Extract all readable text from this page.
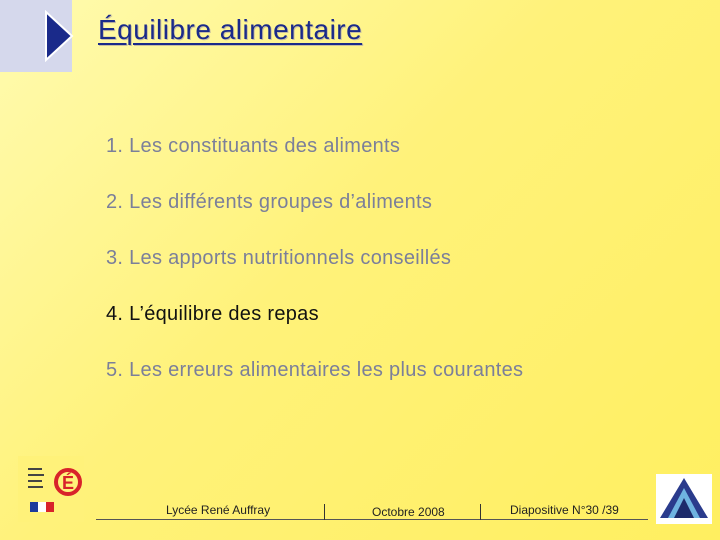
Équilibre alimentaire
1. Les constituants des aliments
2. Les différents groupes d’aliments
3. Les apports nutritionnels conseillés
4. L’équilibre des repas
5. Les erreurs alimentaires les plus courantes
É
Lycée René Auffray	Octobre 2008	Diapositive N°30 /39
